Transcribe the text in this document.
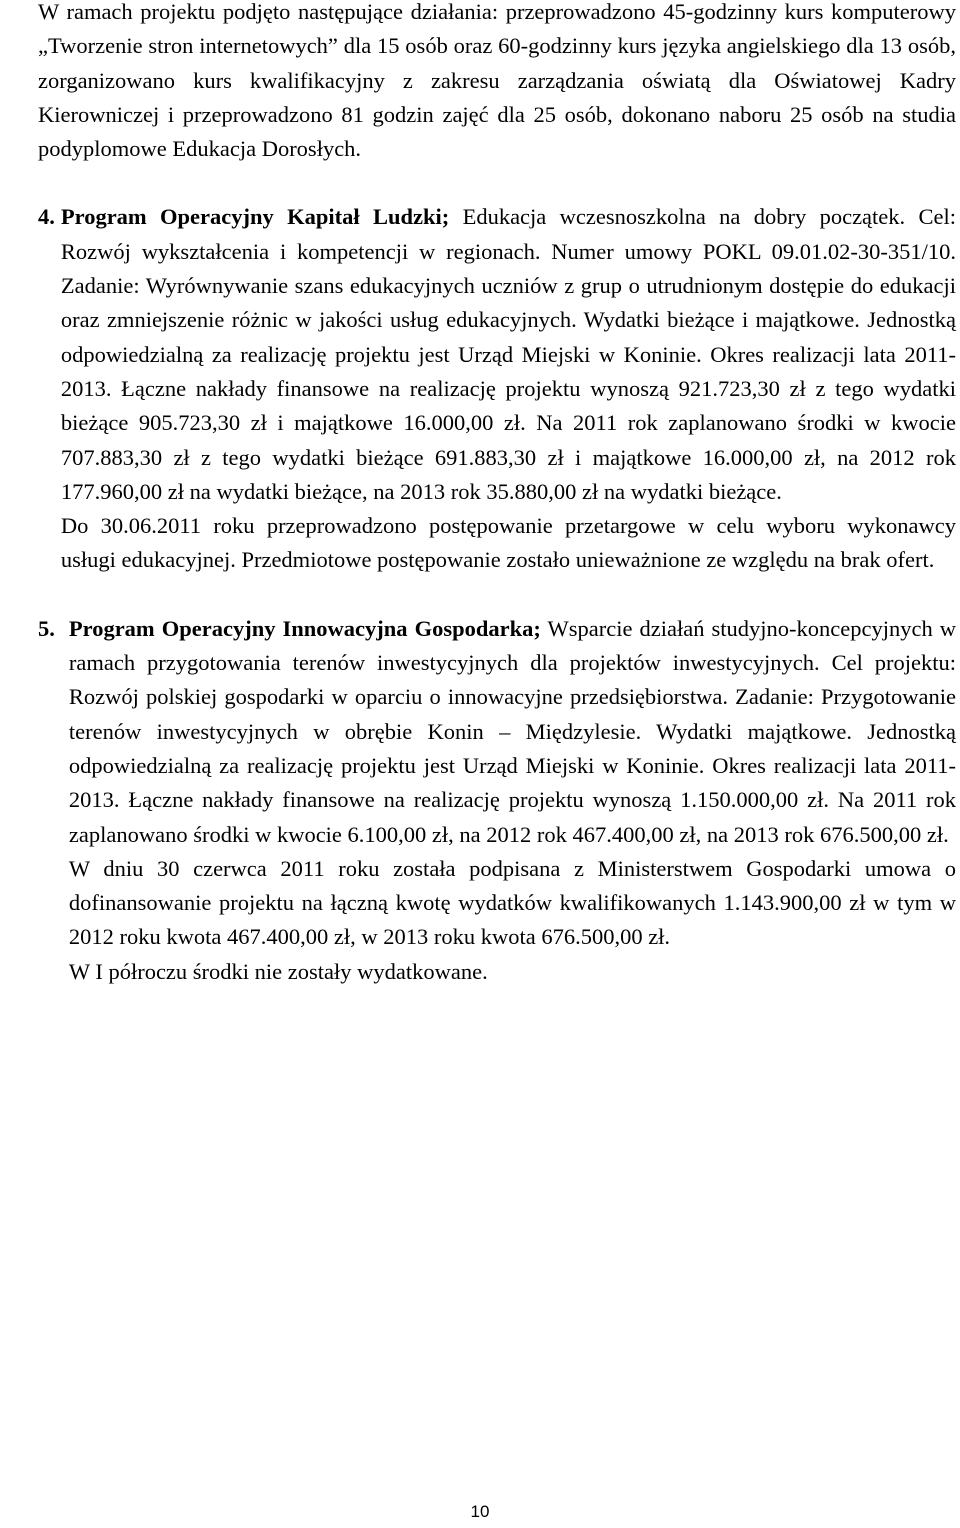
W ramach projektu podjęto następujące działania: przeprowadzono 45-godzinny kurs komputerowy „Tworzenie stron internetowych” dla 15 osób oraz 60-godzinny kurs języka angielskiego dla 13 osób, zorganizowano kurs kwalifikacyjny z zakresu zarządzania oświatą dla Oświatowej Kadry Kierowniczej i przeprowadzono 81 godzin zajęć dla 25 osób, dokonano naboru 25 osób na studia podyplomowe Edukacja Dorosłych.

4. Program Operacyjny Kapitał Ludzki; Edukacja wczesnoszkolna na dobry początek. Cel: Rozwój wykształcenia i kompetencji w regionach. Numer umowy POKL 09.01.02-30-351/10. Zadanie: Wyrównywanie szans edukacyjnych uczniów z grup o utrudnionym dostępie do edukacji oraz zmniejszenie różnic w jakości usług edukacyjnych. Wydatki bieżące i majątkowe. Jednostką odpowiedzialną za realizację projektu jest Urząd Miejski w Koninie. Okres realizacji lata 2011-2013. Łączne nakłady finansowe na realizację projektu wynoszą 921.723,30 zł z tego wydatki bieżące 905.723,30 zł i majątkowe 16.000,00 zł. Na 2011 rok zaplanowano środki w kwocie 707.883,30 zł z tego wydatki bieżące 691.883,30 zł i majątkowe 16.000,00 zł, na 2012 rok 177.960,00 zł na wydatki bieżące, na 2013 rok 35.880,00 zł na wydatki bieżące.

Do 30.06.2011 roku przeprowadzono postępowanie przetargowe w celu wyboru wykonawcy usługi edukacyjnej. Przedmiotowe postępowanie zostało unieważnione ze względu na brak ofert.

5. Program Operacyjny Innowacyjna Gospodarka; Wsparcie działań studyjno-koncepcyjnych w ramach przygotowania terenów inwestycyjnych dla projektów inwestycyjnych. Cel projektu: Rozwój polskiej gospodarki w oparciu o innowacyjne przedsiębiorstwa. Zadanie: Przygotowanie terenów inwestycyjnych w obrębie Konin – Międzylesie. Wydatki majątkowe. Jednostką odpowiedzialną za realizację projektu jest Urząd Miejski w Koninie. Okres realizacji lata 2011-2013. Łączne nakłady finansowe na realizację projektu wynoszą 1.150.000,00 zł. Na 2011 rok zaplanowano środki w kwocie 6.100,00 zł, na 2012 rok 467.400,00 zł, na 2013 rok 676.500,00 zł.

W dniu 30 czerwca 2011 roku została podpisana z Ministerstwem Gospodarki umowa o dofinansowanie projektu na łączną kwotę wydatków kwalifikowanych 1.143.900,00 zł w tym w 2012 roku kwota 467.400,00 zł, w 2013 roku kwota 676.500,00 zł.

W I półroczu środki nie zostały wydatkowane.

10
